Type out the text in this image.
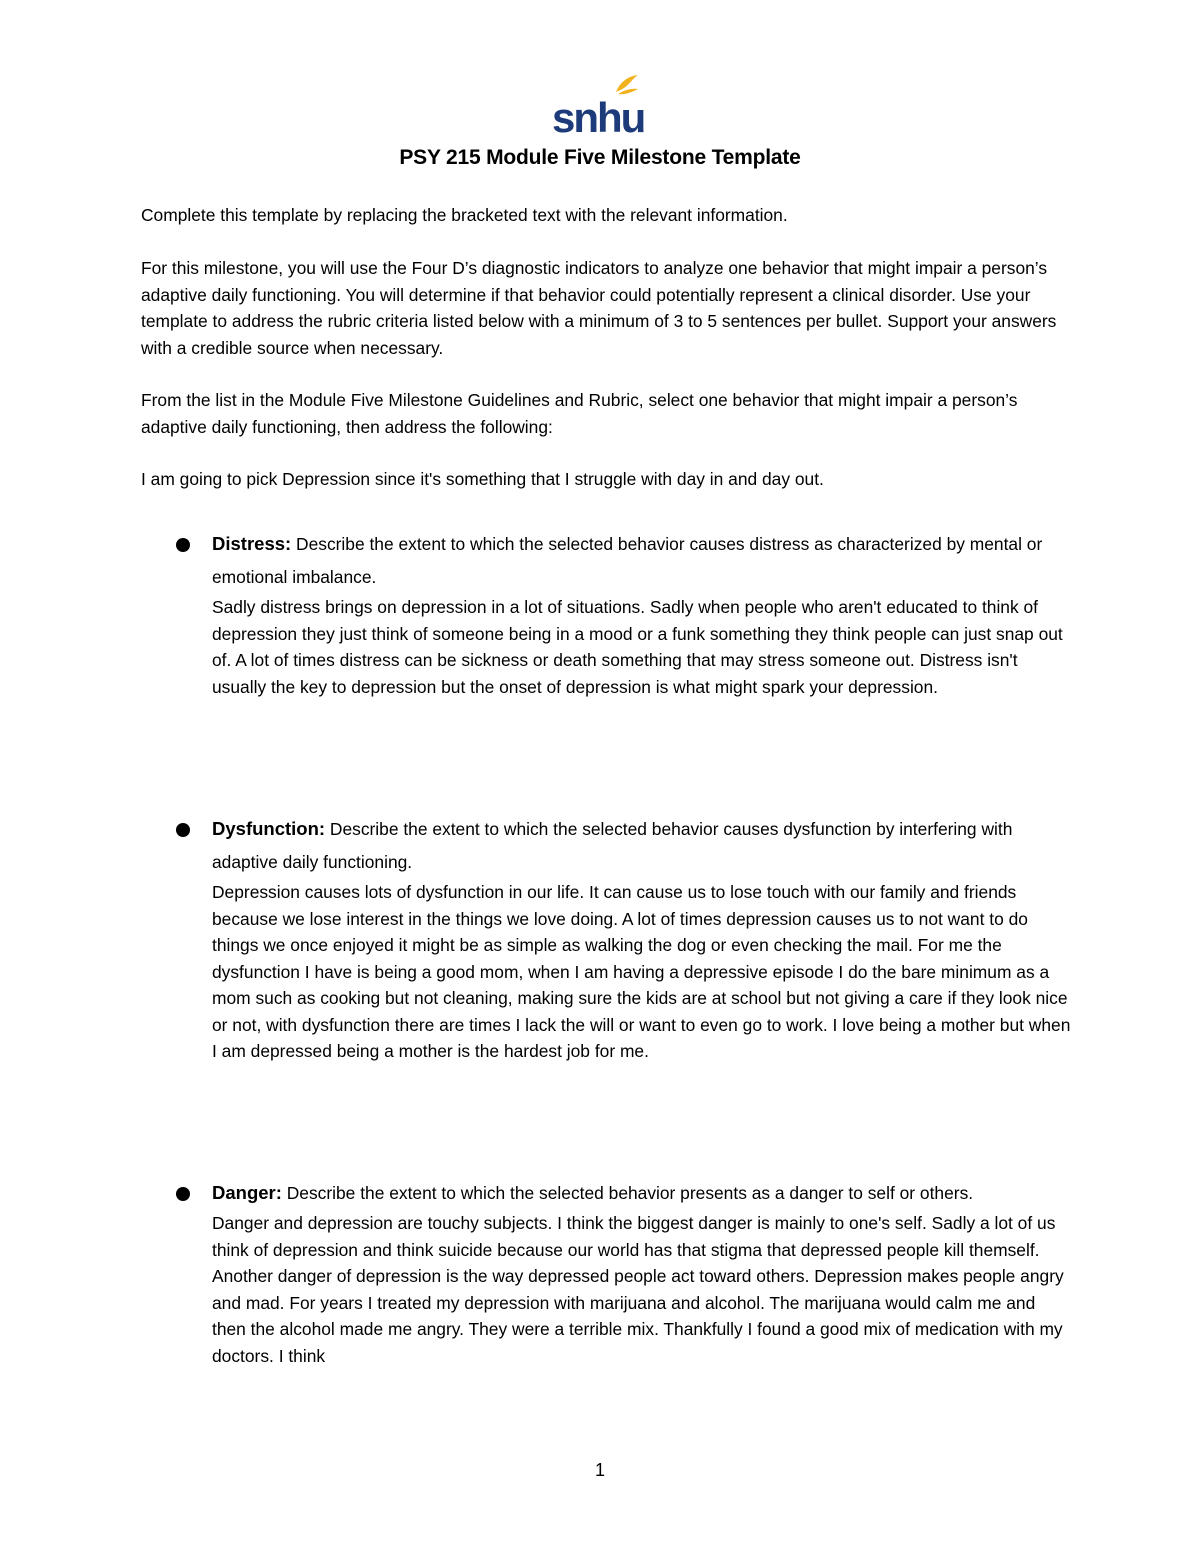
snhu
PSY 215 Module Five Milestone Template

Complete this template by replacing the bracketed text with the relevant information.

For this milestone, you will use the Four D’s diagnostic indicators to analyze one behavior that might impair a person’s adaptive daily functioning. You will determine if that behavior could potentially represent a clinical disorder. Use your template to address the rubric criteria listed below with a minimum of 3 to 5 sentences per bullet. Support your answers with a credible source when necessary.

From the list in the Module Five Milestone Guidelines and Rubric, select one behavior that might impair a person’s adaptive daily functioning, then address the following:

I am going to pick Depression since it's something that I struggle with day in and day out.

Distress: Describe the extent to which the selected behavior causes distress as characterized by mental or emotional imbalance.

Sadly distress brings on depression in a lot of situations. Sadly when people who aren't educated to think of depression they just think of someone being in a mood or a funk something they think people can just snap out of. A lot of times distress can be sickness or death something that may stress someone out. Distress isn't usually the key to depression but the onset of depression is what might spark your depression.

Dysfunction: Describe the extent to which the selected behavior causes dysfunction by interfering with adaptive daily functioning.

Depression causes lots of dysfunction in our life. It can cause us to lose touch with our family and friends because we lose interest in the things we love doing. A lot of times depression causes us to not want to do things we once enjoyed it might be as simple as walking the dog or even checking the mail. For me the dysfunction I have is being a good mom, when I am having a depressive episode I do the bare minimum as a mom such as cooking but not cleaning, making sure the kids are at school but not giving a care if they look nice or not, with dysfunction there are times I lack the will or want to even go to work. I love being a mother but when I am depressed being a mother is the hardest job for me.

Danger: Describe the extent to which the selected behavior presents as a danger to self or others.

Danger and depression are touchy subjects. I think the biggest danger is mainly to one's self. Sadly a lot of us think of depression and think suicide because our world has that stigma that depressed people kill themself. Another danger of depression is the way depressed people act toward others. Depression makes people angry and mad. For years I treated my depression with marijuana and alcohol. The marijuana would calm me and then the alcohol made me angry. They were a terrible mix. Thankfully I found a good mix of medication with my doctors. I think

1
